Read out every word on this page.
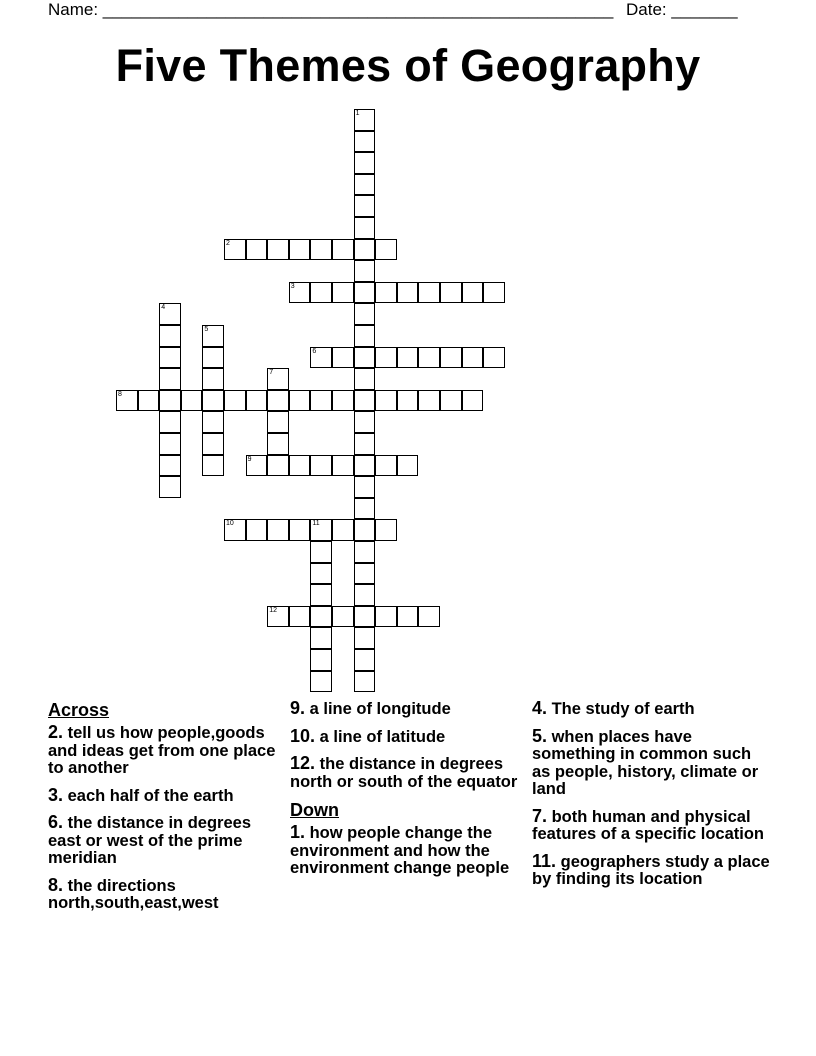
Name: ______________________________________________________ Date: _______
Five Themes of Geography
1
2
3
4
5
6
7
8
9
10	11
12
Across
2. tell us how people,goods and ideas get from one place to another
3. each half of the earth
6. the distance in degrees east or west of the prime meridian
8. the directions north,south,east,west
9. a line of longitude
10. a line of latitude
12. the distance in degrees north or south of the equator
Down
1. how people change the environment and how the environment change people
4. The study of earth
5. when places have something in common such as people, history, climate or land
7. both human and physical features of a specific location
11. geographers study a place by finding its location
